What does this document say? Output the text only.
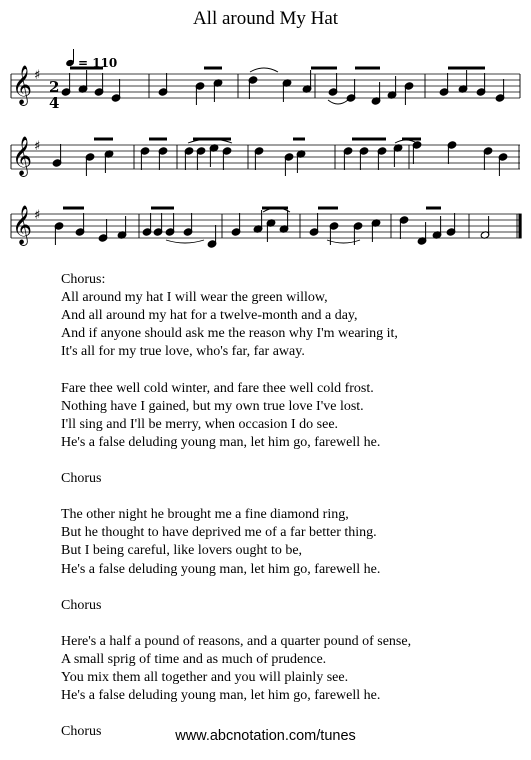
All around My Hat
𝄞
𝄞
𝄞
♯
♯
♯
2
4
= 110
Chorus:
All around my hat I will wear the green willow,
And all around my hat for a twelve-month and a day,
And if anyone should ask me the reason why I'm wearing it,
It's all for my true love, who's far, far away.
Fare thee well cold winter, and fare thee well cold frost.
Nothing have I gained, but my own true love I've lost.
I'll sing and I'll be merry, when occasion I do see.
He's a false deluding young man, let him go, farewell he.
Chorus
The other night he brought me a fine diamond ring,
But he thought to have deprived me of a far better thing.
But I being careful, like lovers ought to be,
He's a false deluding young man, let him go, farewell he.
Chorus
Here's a half a pound of reasons, and a quarter pound of sense,
A small sprig of time and as much of prudence.
You mix them all together and you will plainly see.
He's a false deluding young man, let him go, farewell he.
Chorus	www.abcnotation.com/tunes
